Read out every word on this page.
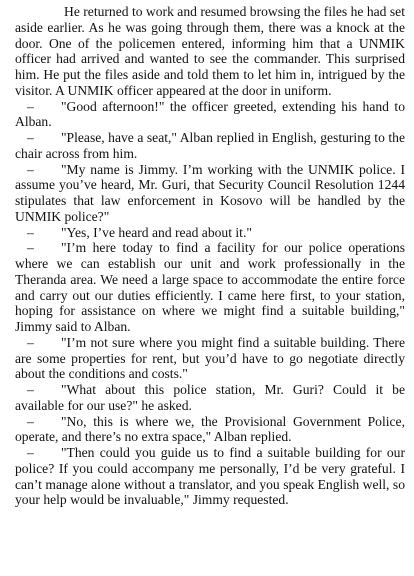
He returned to work and resumed browsing the files he had set aside earlier. As he was going through them, there was a knock at the door. One of the policemen entered, informing him that a UNMIK officer had arrived and wanted to see the commander. This surprised him. He put the files aside and told them to let him in, intrigued by the visitor. A UNMIK officer appeared at the door in uniform.

– "Good afternoon!" the officer greeted, extending his hand to Alban.

– "Please, have a seat," Alban replied in English, gesturing to the chair across from him.

– "My name is Jimmy. I’m working with the UNMIK police. I assume you’ve heard, Mr. Guri, that Security Council Resolution 1244 stipulates that law enforcement in Kosovo will be handled by the UNMIK police?"

– "Yes, I’ve heard and read about it."

– "I’m here today to find a facility for our police operations where we can establish our unit and work professionally in the Theranda area. We need a large space to accommodate the entire force and carry out our duties efficiently. I came here first, to your station, hoping for assistance on where we might find a suitable building," Jimmy said to Alban.

– "I’m not sure where you might find a suitable building. There are some properties for rent, but you’d have to go negotiate directly about the conditions and costs."

– "What about this police station, Mr. Guri? Could it be available for our use?" he asked.

– "No, this is where we, the Provisional Government Police, operate, and there’s no extra space," Alban replied.

– "Then could you guide us to find a suitable building for our police? If you could accompany me personally, I’d be very grateful. I can’t manage alone without a translator, and you speak English well, so your help would be invaluable," Jimmy requested.
